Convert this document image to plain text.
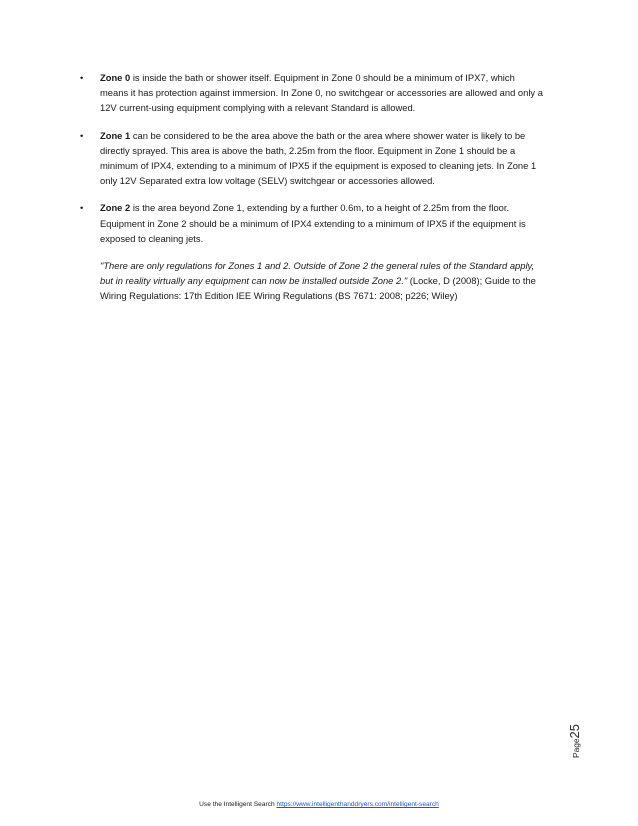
• Zone 0 is inside the bath or shower itself. Equipment in Zone 0 should be a minimum of IPX7, which means it has protection against immersion. In Zone 0, no switchgear or accessories are allowed and only a 12V current-using equipment complying with a relevant Standard is allowed.
• Zone 1 can be considered to be the area above the bath or the area where shower water is likely to be directly sprayed. This area is above the bath, 2.25m from the floor. Equipment in Zone 1 should be a minimum of IPX4, extending to a minimum of IPX5 if the equipment is exposed to cleaning jets. In Zone 1 only 12V Separated extra low voltage (SELV) switchgear or accessories allowed.
• Zone 2 is the area beyond Zone 1, extending by a further 0.6m, to a height of 2.25m from the floor. Equipment in Zone 2 should be a minimum of IPX4 extending to a minimum of IPX5 if the equipment is exposed to cleaning jets.
"There are only regulations for Zones 1 and 2. Outside of Zone 2 the general rules of the Standard apply, but in reality virtually any equipment can now be installed outside Zone 2." (Locke, D (2008); Guide to the Wiring Regulations: 17th Edition IEE Wiring Regulations (BS 7671: 2008; p226; Wiley)
Page25
Use the Intelligent Search https://www.intelligenthanddryers.com/intelligent-search
